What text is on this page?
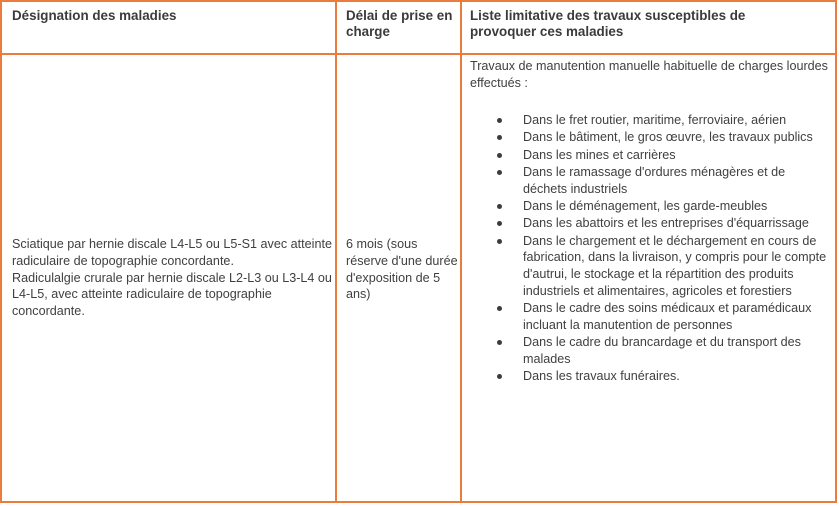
Désignation des maladies	Délai de prise en charge
Liste limitative des travaux susceptibles de provoquer ces maladies
Sciatique par hernie discale L4-L5 ou L5-S1 avec atteinte radiculaire de topographie concordante.
Radiculalgie crurale par hernie discale L2-L3 ou L3-L4 ou L4-L5, avec atteinte radiculaire de topographie concordante.
6 mois (sous réserve d'une durée d'exposition de 5 ans)
Travaux de manutention manuelle habituelle de charges lourdes effectués :
Dans le fret routier, maritime, ferroviaire, aérien
Dans le bâtiment, le gros œuvre, les travaux publics
Dans les mines et carrières
Dans le ramassage d'ordures ménagères et de déchets industriels
Dans le déménagement, les garde-meubles
Dans les abattoirs et les entreprises d'équarrissage
Dans le chargement et le déchargement en cours de fabrication, dans la livraison, y compris pour le compte d'autrui, le stockage et la répartition des produits industriels et alimentaires, agricoles et forestiers
Dans le cadre des soins médicaux et paramédicaux incluant la manutention de personnes
Dans le cadre du brancardage et du transport des malades
Dans les travaux funéraires.
